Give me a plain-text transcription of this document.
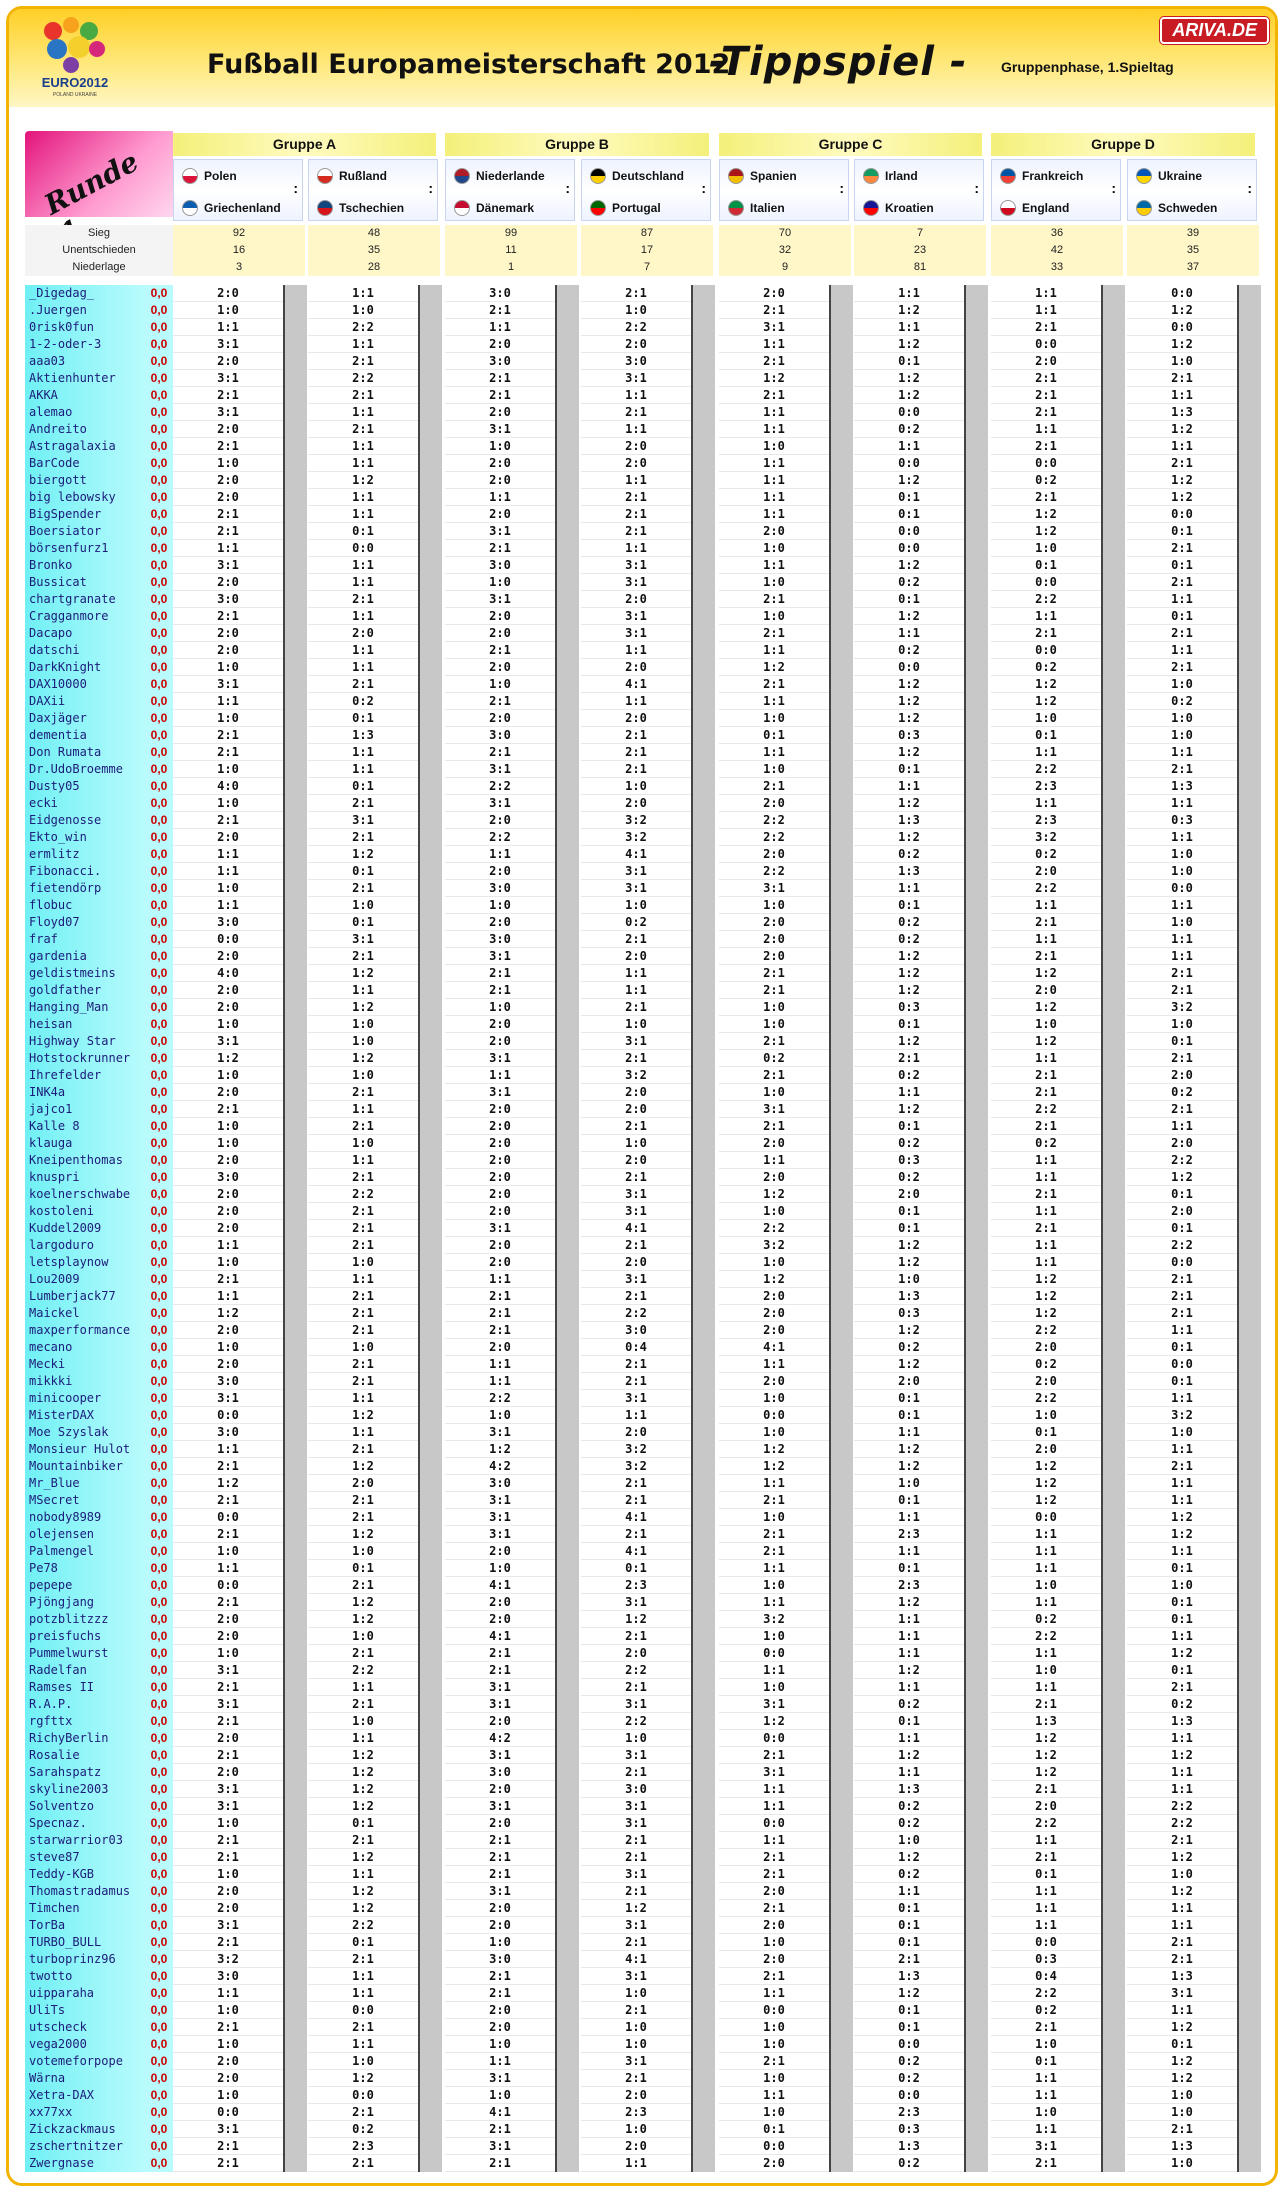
EURO2012
POLAND UKRAINE
Fußball Europameisterschaft 2012
-Tippspiel - Gruppenphase, 1.Spieltag
ARIVA.DE
Runde
Gruppe A	Gruppe B	Gruppe C	Gruppe D
Polen
Griechenland
:
Rußland
Tschechien
:
Niederlande
Dänemark
:
Deutschland
Portugal
:
Spanien
Italien
:
Irland
Kroatien
:
Frankreich
England
:
Ukraine
Schweden
:
Sieg	92	48	99	87	70	7	36	39
Unentschieden	16	35	11	17	32	23	42	35
Niederlage	3	28	1	7	9	81	33	37
_Digedag_	0,0	2:0	1:1	3:0	2:1	2:0	1:1	1:1	0:0
.Juergen	0,0	1:0	1:0	2:1	1:0	2:1	1:2	1:1	1:2
0risk0fun	0,0	1:1	2:2	1:1	2:2	3:1	1:1	2:1	0:0
1-2-oder-3	0,0	3:1	1:1	2:0	2:0	1:1	1:2	0:0	1:2
aaa03	0,0	2:0	2:1	3:0	3:0	2:1	0:1	2:0	1:0
Aktienhunter	0,0	3:1	2:2	2:1	3:1	1:2	1:2	2:1	2:1
AKKA	0,0	2:1	2:1	2:1	1:1	2:1	1:2	2:1	1:1
alemao	0,0	3:1	1:1	2:0	2:1	1:1	0:0	2:1	1:3
Andreito	0,0	2:0	2:1	3:1	1:1	1:1	0:2	1:1	1:2
Astragalaxia	0,0	2:1	1:1	1:0	2:0	1:0	1:1	2:1	1:1
BarCode	0,0	1:0	1:1	2:0	2:0	1:1	0:0	0:0	2:1
biergott	0,0	2:0	1:2	2:0	1:1	1:1	1:2	0:2	1:2
big lebowsky	0,0	2:0	1:1	1:1	2:1	1:1	0:1	2:1	1:2
BigSpender	0,0	2:1	1:1	2:0	2:1	1:1	0:1	1:2	0:0
Boersiator	0,0	2:1	0:1	3:1	2:1	2:0	0:0	1:2	0:1
börsenfurz1	0,0	1:1	0:0	2:1	1:1	1:0	0:0	1:0	2:1
Bronko	0,0	3:1	1:1	3:0	3:1	1:1	1:2	0:1	0:1
Bussicat	0,0	2:0	1:1	1:0	3:1	1:0	0:2	0:0	2:1
chartgranate	0,0	3:0	2:1	3:1	2:0	2:1	0:1	2:2	1:1
Cragganmore	0,0	2:1	1:1	2:0	3:1	1:0	1:2	1:1	0:1
Dacapo	0,0	2:0	2:0	2:0	3:1	2:1	1:1	2:1	2:1
datschi	0,0	2:0	1:1	2:1	1:1	1:1	0:2	0:0	1:1
DarkKnight	0,0	1:0	1:1	2:0	2:0	1:2	0:0	0:2	2:1
DAX10000	0,0	3:1	2:1	1:0	4:1	2:1	1:2	1:2	1:0
DAXii	0,0	1:1	0:2	2:1	1:1	1:1	1:2	1:2	0:2
Daxjäger	0,0	1:0	0:1	2:0	2:0	1:0	1:2	1:0	1:0
dementia	0,0	2:1	1:3	3:0	2:1	0:1	0:3	0:1	1:0
Don Rumata	0,0	2:1	1:1	2:1	2:1	1:1	1:2	1:1	1:1
Dr.UdoBroemme	0,0	1:0	1:1	3:1	2:1	1:0	0:1	2:2	2:1
Dusty05	0,0	4:0	0:1	2:2	1:0	2:1	1:1	2:3	1:3
ecki	0,0	1:0	2:1	3:1	2:0	2:0	1:2	1:1	1:1
Eidgenosse	0,0	2:1	3:1	2:0	3:2	2:2	1:3	2:3	0:3
Ekto_win	0,0	2:0	2:1	2:2	3:2	2:2	1:2	3:2	1:1
ermlitz	0,0	1:1	1:2	1:1	4:1	2:0	0:2	0:2	1:0
Fibonacci.	0,0	1:1	0:1	2:0	3:1	2:2	1:3	2:0	1:0
fietendörp	0,0	1:0	2:1	3:0	3:1	3:1	1:1	2:2	0:0
flobuc	0,0	1:1	1:0	1:0	1:0	1:0	0:1	1:1	1:1
Floyd07	0,0	3:0	0:1	2:0	0:2	2:0	0:2	2:1	1:0
fraf	0,0	0:0	3:1	3:0	2:1	2:0	0:2	1:1	1:1
gardenia	0,0	2:0	2:1	3:1	2:0	2:0	1:2	2:1	1:1
geldistmeins	0,0	4:0	1:2	2:1	1:1	2:1	1:2	1:2	2:1
goldfather	0,0	2:0	1:1	2:1	1:1	2:1	1:2	2:0	2:1
Hanging_Man	0,0	2:0	1:2	1:0	2:1	1:0	0:3	1:2	3:2
heisan	0,0	1:0	1:0	2:0	1:0	1:0	0:1	1:0	1:0
Highway Star	0,0	3:1	1:0	2:0	3:1	2:1	1:2	1:2	0:1
Hotstockrunner	0,0	1:2	1:2	3:1	2:1	0:2	2:1	1:1	2:1
Ihrefelder	0,0	1:0	1:0	1:1	3:2	2:1	0:2	2:1	2:0
INK4a	0,0	2:0	2:1	3:1	2:0	1:0	1:1	2:1	0:2
jajco1	0,0	2:1	1:1	2:0	2:0	3:1	1:2	2:2	2:1
Kalle 8	0,0	1:0	2:1	2:0	2:1	2:1	0:1	2:1	1:1
klauga	0,0	1:0	1:0	2:0	1:0	2:0	0:2	0:2	2:0
Kneipenthomas	0,0	2:0	1:1	2:0	2:0	1:1	0:3	1:1	2:2
knuspri	0,0	3:0	2:1	2:0	2:1	2:0	0:2	1:1	1:2
koelnerschwabe	0,0	2:0	2:2	2:0	3:1	1:2	2:0	2:1	0:1
kostoleni	0,0	2:0	2:1	2:0	3:1	1:0	0:1	1:1	2:0
Kuddel2009	0,0	2:0	2:1	3:1	4:1	2:2	0:1	2:1	0:1
largoduro	0,0	1:1	2:1	2:0	2:1	3:2	1:2	1:1	2:2
letsplaynow	0,0	1:0	1:0	2:0	2:0	1:0	1:2	1:1	0:0
Lou2009	0,0	2:1	1:1	1:1	3:1	1:2	1:0	1:2	2:1
Lumberjack77	0,0	1:1	2:1	2:1	2:1	2:0	1:3	1:2	2:1
Maickel	0,0	1:2	2:1	2:1	2:2	2:0	0:3	1:2	2:1
maxperformance	0,0	2:0	2:1	2:1	3:0	2:0	1:2	2:2	1:1
mecano	0,0	1:0	1:0	2:0	0:4	4:1	0:2	2:0	0:1
Mecki	0,0	2:0	2:1	1:1	2:1	1:1	1:2	0:2	0:0
mikkki	0,0	3:0	2:1	1:1	2:1	2:0	2:0	2:0	0:1
minicooper	0,0	3:1	1:1	2:2	3:1	1:0	0:1	2:2	1:1
MisterDAX	0,0	0:0	1:2	1:0	1:1	0:0	0:1	1:0	3:2
Moe Szyslak	0,0	3:0	1:1	3:1	2:0	1:0	1:1	0:1	1:0
Monsieur Hulot	0,0	1:1	2:1	1:2	3:2	1:2	1:2	2:0	1:1
Mountainbiker	0,0	2:1	1:2	4:2	3:2	1:2	1:2	1:2	2:1
Mr_Blue	0,0	1:2	2:0	3:0	2:1	1:1	1:0	1:2	1:1
MSecret	0,0	2:1	2:1	3:1	2:1	2:1	0:1	1:2	1:1
nobody8989	0,0	0:0	2:1	3:1	4:1	1:0	1:1	0:0	1:2
olejensen	0,0	2:1	1:2	3:1	2:1	2:1	2:3	1:1	1:2
Palmengel	0,0	1:0	1:0	2:0	4:1	2:1	1:1	1:1	1:1
Pe78	0,0	1:1	0:1	1:0	0:1	1:1	0:1	1:1	0:1
pepepe	0,0	0:0	2:1	4:1	2:3	1:0	2:3	1:0	1:0
Pjöngjang	0,0	2:1	1:2	2:0	3:1	1:1	1:2	1:1	0:1
potzblitzzz	0,0	2:0	1:2	2:0	1:2	3:2	1:1	0:2	0:1
preisfuchs	0,0	2:0	1:0	4:1	2:1	1:0	1:1	2:2	1:1
Pummelwurst	0,0	1:0	2:1	2:1	2:0	0:0	1:1	1:1	1:2
Radelfan	0,0	3:1	2:2	2:1	2:2	1:1	1:2	1:0	0:1
Ramses II	0,0	2:1	1:1	3:1	2:1	1:0	1:1	1:1	2:1
R.A.P.	0,0	3:1	2:1	3:1	3:1	3:1	0:2	2:1	0:2
rgfttx	0,0	2:1	1:0	2:0	2:2	1:2	0:1	1:3	1:3
RichyBerlin	0,0	2:0	1:1	4:2	1:0	0:0	1:1	1:2	1:1
Rosalie	0,0	2:1	1:2	3:1	3:1	2:1	1:2	1:2	1:2
Sarahspatz	0,0	2:0	1:2	3:0	2:1	3:1	1:1	1:2	1:1
skyline2003	0,0	3:1	1:2	2:0	3:0	1:1	1:3	2:1	1:1
Solventzo	0,0	3:1	1:2	3:1	3:1	1:1	0:2	2:0	2:2
Specnaz.	0,0	1:0	0:1	2:0	3:1	0:0	0:2	2:2	2:2
starwarrior03	0,0	2:1	2:1	2:1	2:1	1:1	1:0	1:1	2:1
steve87	0,0	2:1	1:2	2:1	2:1	2:1	1:2	2:1	1:2
Teddy-KGB	0,0	1:0	1:1	2:1	3:1	2:1	0:2	0:1	1:0
Thomastradamus	0,0	2:0	1:2	3:1	2:1	2:0	1:1	1:1	1:2
Timchen	0,0	2:0	1:2	2:0	1:2	2:1	0:1	1:1	1:1
TorBa	0,0	3:1	2:2	2:0	3:1	2:0	0:1	1:1	1:1
TURBO_BULL	0,0	2:1	0:1	1:0	2:1	1:0	0:1	0:0	2:1
turboprinz96	0,0	3:2	2:1	3:0	4:1	2:0	2:1	0:3	2:1
twotto	0,0	3:0	1:1	2:1	3:1	2:1	1:3	0:4	1:3
uipparaha	0,0	1:1	1:1	2:1	1:0	1:1	1:2	2:2	3:1
UliTs	0,0	1:0	0:0	2:0	2:1	0:0	0:1	0:2	1:1
utscheck	0,0	2:1	2:1	2:0	1:0	1:0	0:1	2:1	1:2
vega2000	0,0	1:0	1:1	1:0	1:0	1:0	0:0	1:0	0:1
votemeforpope	0,0	2:0	1:0	1:1	3:1	2:1	0:2	0:1	1:2
Wärna	0,0	2:0	1:2	3:1	2:1	1:0	0:2	1:1	1:2
Xetra-DAX	0,0	1:0	0:0	1:0	2:0	1:1	0:0	1:1	1:0
xx77xx	0,0	0:0	2:1	4:1	2:3	1:0	2:3	1:0	1:0
Zickzackmaus	0,0	3:1	0:2	2:1	1:0	0:1	0:3	1:1	2:1
zschertnitzer	0,0	2:1	2:3	3:1	2:0	0:0	1:3	3:1	1:3
Zwergnase	0,0	2:1	2:1	2:1	1:1	2:0	0:2	2:1	1:0
